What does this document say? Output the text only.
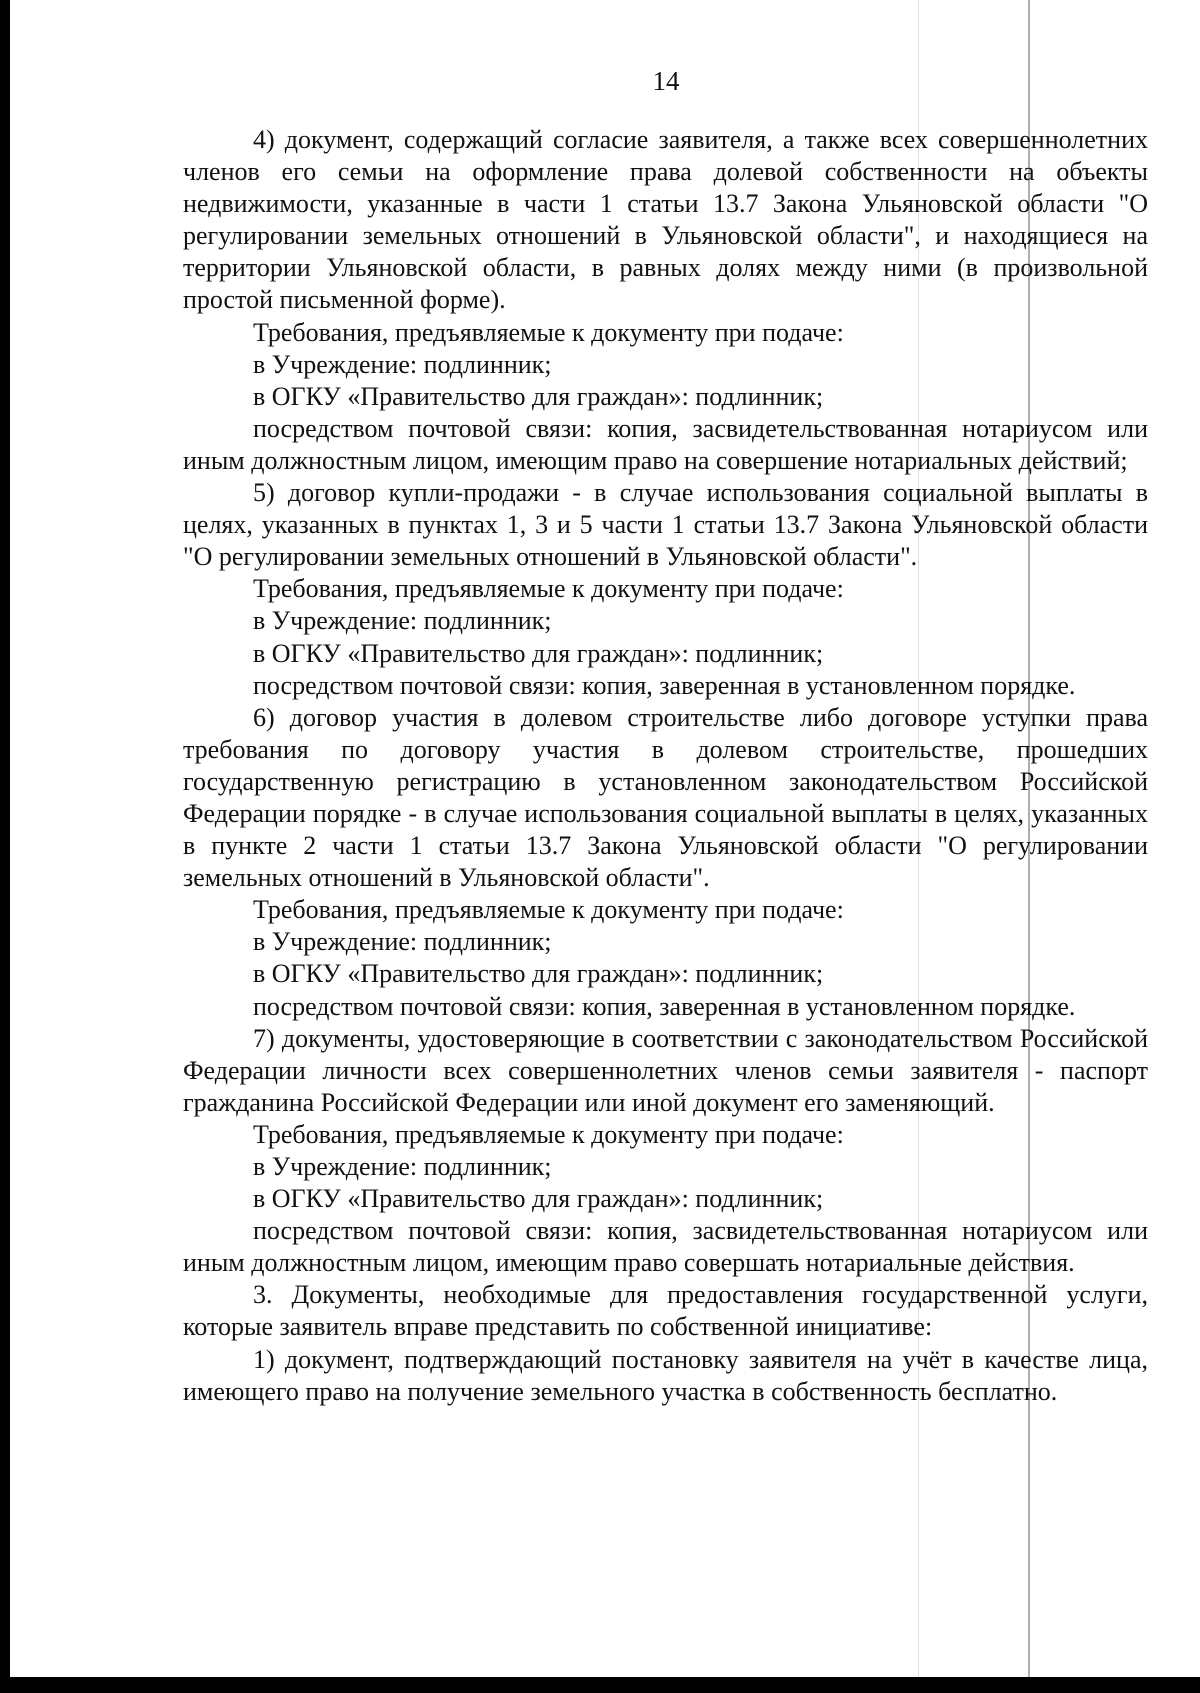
14

4) документ, содержащий согласие заявителя, а также всех совершеннолетних членов его семьи на оформление права долевой собственности на объекты недвижимости, указанные в части 1 статьи 13.7 Закона Ульяновской области "О регулировании земельных отношений в Ульяновской области", и находящиеся на территории Ульяновской области, в равных долях между ними (в произвольной простой письменной форме).

Требования, предъявляемые к документу при подаче:

в Учреждение: подлинник;

в ОГКУ «Правительство для граждан»: подлинник;

посредством почтовой связи: копия, засвидетельствованная нотариусом или иным должностным лицом, имеющим право на совершение нотариальных действий;

5) договор купли-продажи - в случае использования социальной выплаты в целях, указанных в пунктах 1, 3 и 5 части 1 статьи 13.7 Закона Ульяновской области "О регулировании земельных отношений в Ульяновской области".

Требования, предъявляемые к документу при подаче:

в Учреждение: подлинник;

в ОГКУ «Правительство для граждан»: подлинник;

посредством почтовой связи: копия, заверенная в установленном порядке.

6) договор участия в долевом строительстве либо договоре уступки права требования по договору участия в долевом строительстве, прошедших государственную регистрацию в установленном законодательством Российской Федерации порядке - в случае использования социальной выплаты в целях, указанных в пункте 2 части 1 статьи 13.7 Закона Ульяновской области "О регулировании земельных отношений в Ульяновской области".

Требования, предъявляемые к документу при подаче:

в Учреждение: подлинник;

в ОГКУ «Правительство для граждан»: подлинник;

посредством почтовой связи: копия, заверенная в установленном порядке.

7) документы, удостоверяющие в соответствии с законодательством Российской Федерации личности всех совершеннолетних членов семьи заявителя - паспорт гражданина Российской Федерации или иной документ его заменяющий.

Требования, предъявляемые к документу при подаче:

в Учреждение: подлинник;

в ОГКУ «Правительство для граждан»: подлинник;

посредством почтовой связи: копия, засвидетельствованная нотариусом или иным должностным лицом, имеющим право совершать нотариальные действия.

3. Документы, необходимые для предоставления государственной услуги, которые заявитель вправе представить по собственной инициативе:

1) документ, подтверждающий постановку заявителя на учёт в качестве лица, имеющего право на получение земельного участка в собственность бесплатно.
